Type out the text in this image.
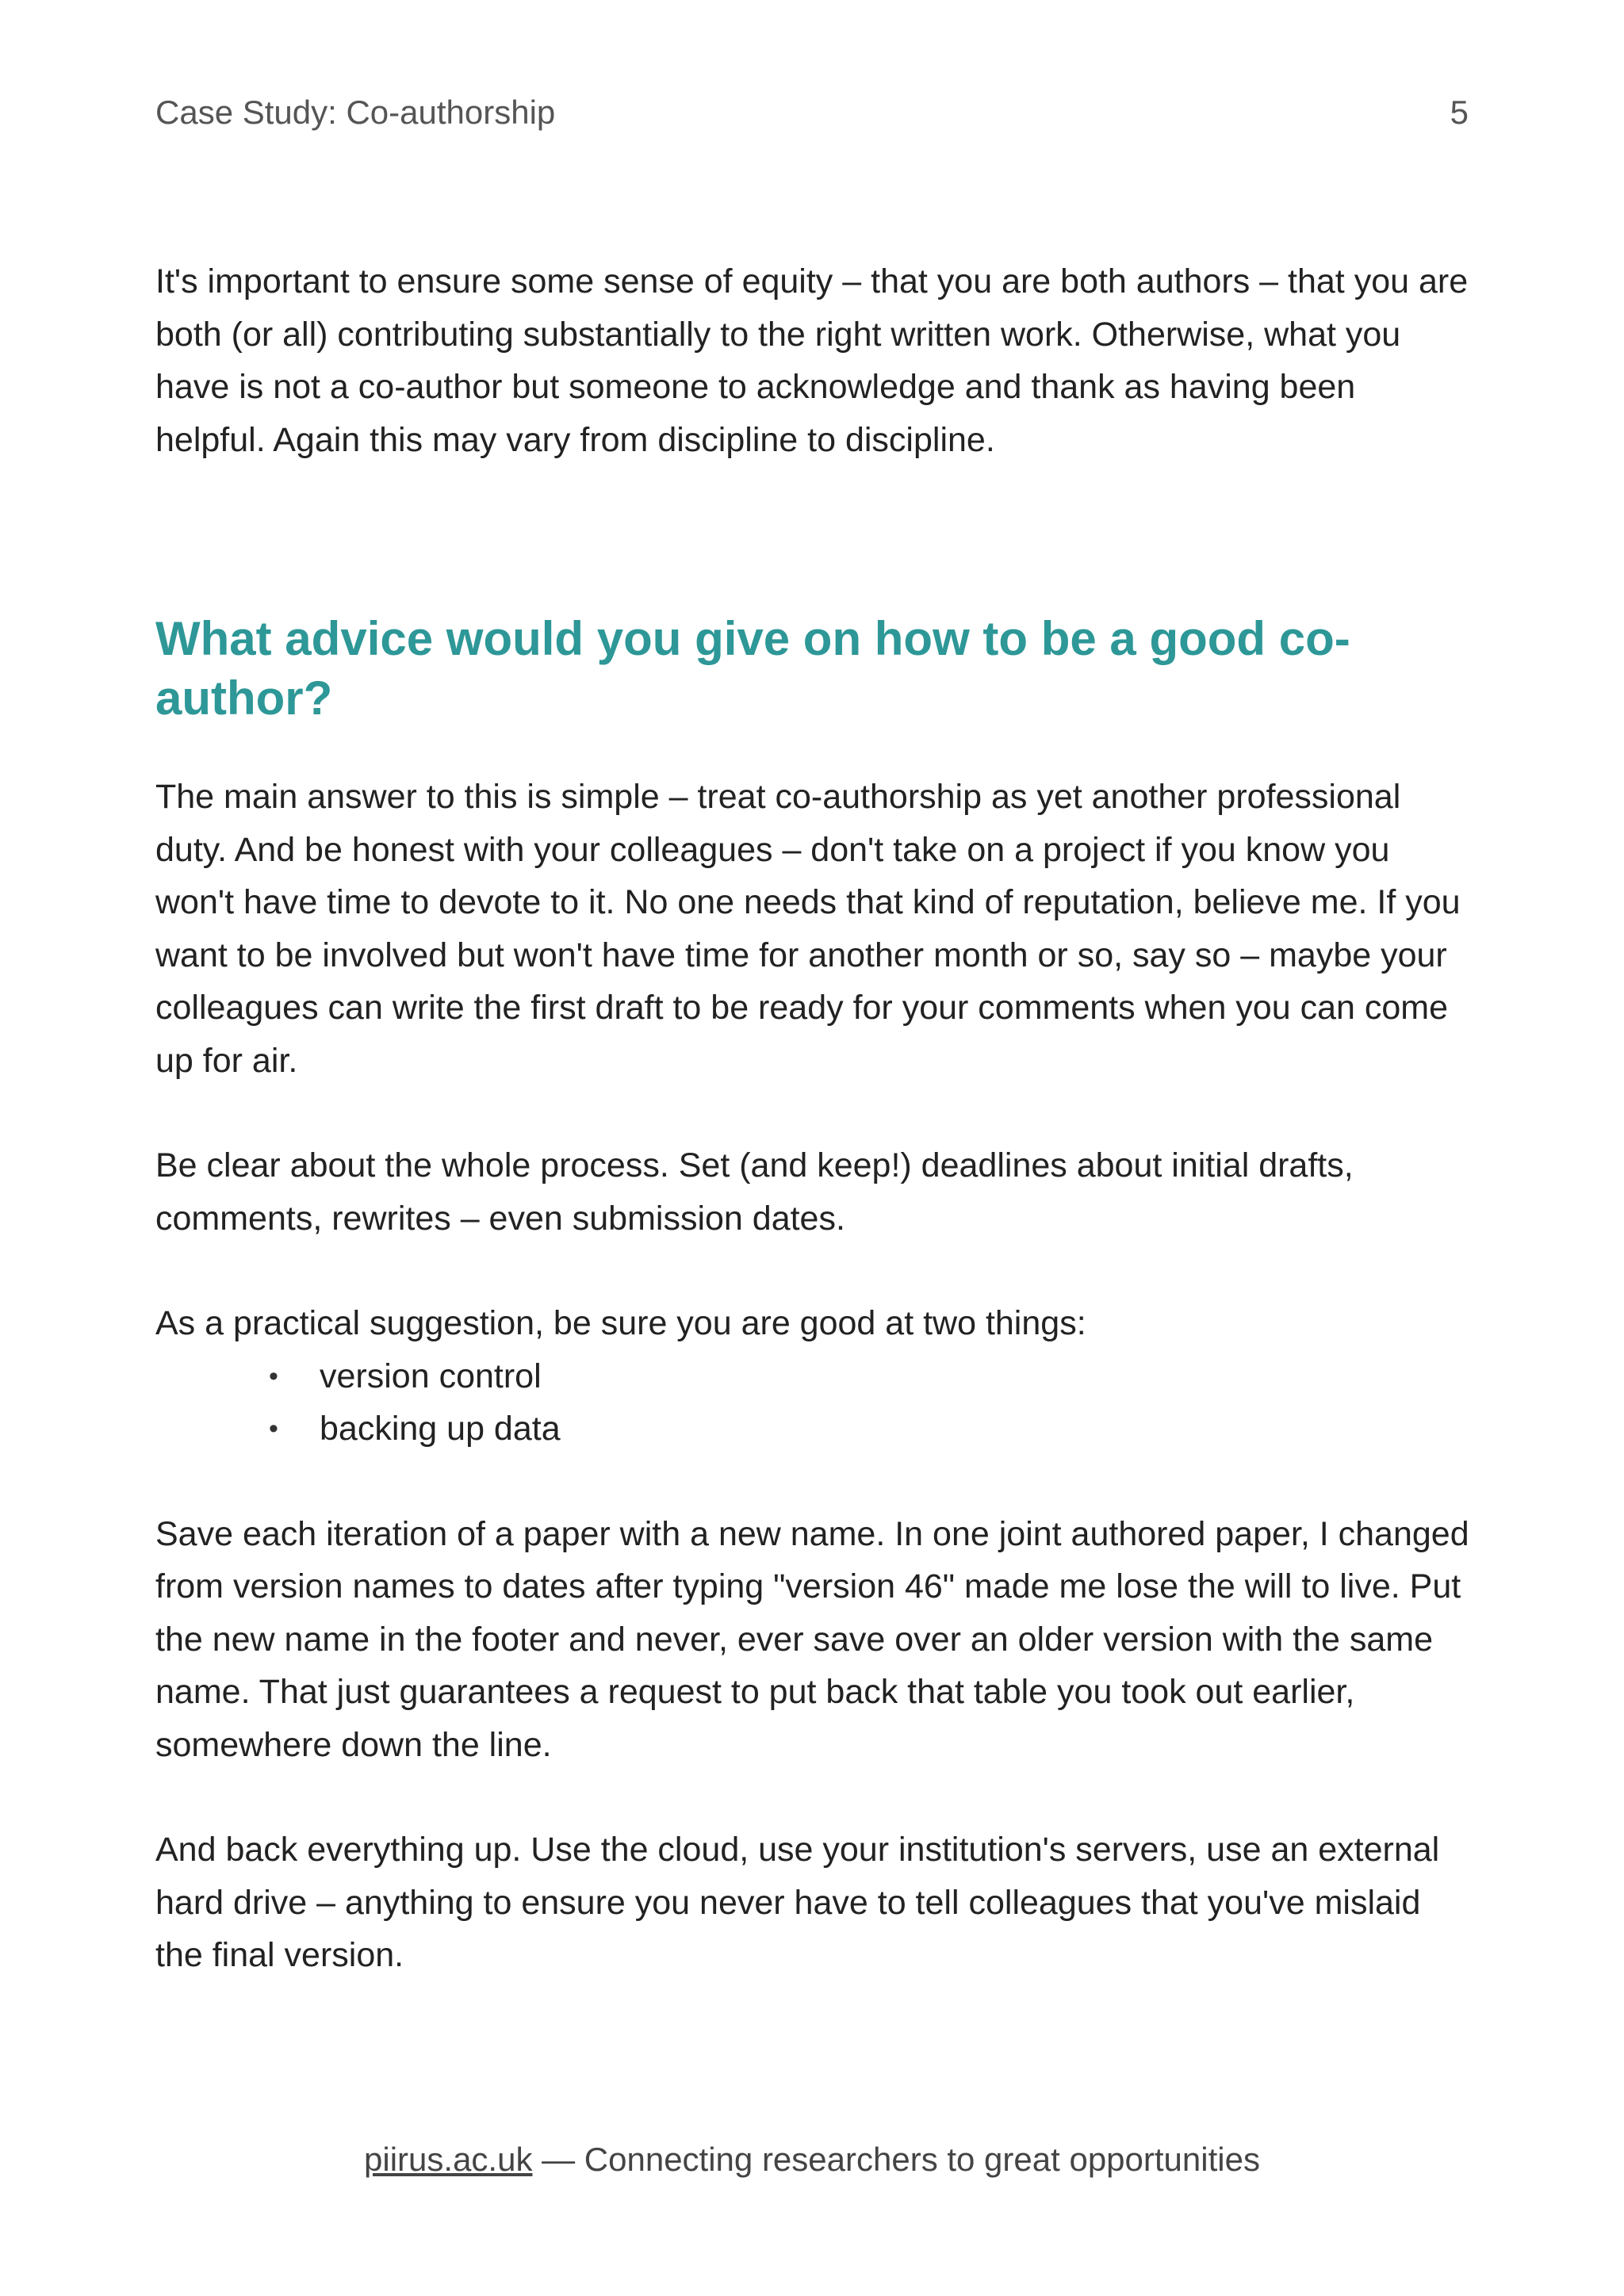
Case Study: Co-authorship	5

It's important to ensure some sense of equity – that you are both authors – that you are both (or all) contributing substantially to the right written work. Otherwise, what you have is not a co-author but someone to acknowledge and thank as having been helpful. Again this may vary from discipline to discipline.

What advice would you give on how to be a good co-author?

The main answer to this is simple – treat co-authorship as yet another professional duty. And be honest with your colleagues – don't take on a project if you know you won't have time to devote to it. No one needs that kind of reputation, believe me. If you want to be involved but won't have time for another month or so, say so – maybe your colleagues can write the first draft to be ready for your comments when you can come up for air.

Be clear about the whole process. Set (and keep!) deadlines about initial drafts, comments, rewrites – even submission dates.

As a practical suggestion, be sure you are good at two things:

• version control
• backing up data

Save each iteration of a paper with a new name. In one joint authored paper, I changed from version names to dates after typing "version 46" made me lose the will to live. Put the new name in the footer and never, ever save over an older version with the same name. That just guarantees a request to put back that table you took out earlier, somewhere down the line.

And back everything up. Use the cloud, use your institution's servers, use an external hard drive – anything to ensure you never have to tell colleagues that you've mislaid the final version.

piirus.ac.uk — Connecting researchers to great opportunities
